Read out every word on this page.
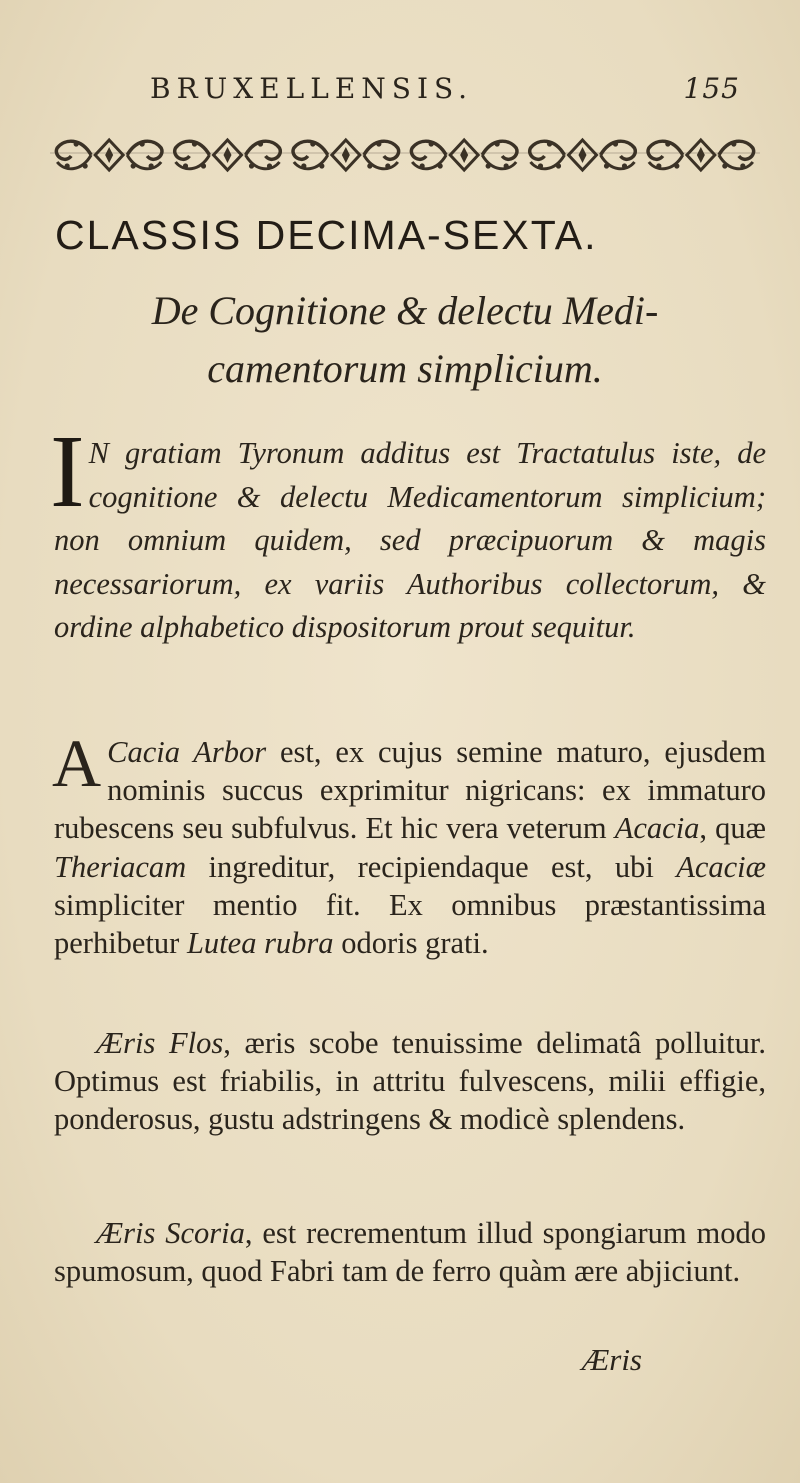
BRUXELLENSIS.	155
CLASSIS DECIMA-SEXTA.
De Cognitione & delectu Medi-
camentorum simplicium.
I N gratiam Tyronum additus est Tractatulus iste, de cognitione & delectu Medicamentorum simplicium; non omnium quidem, sed præcipuorum & magis necessariorum, ex variis Authoribus collectorum, & ordine alphabetico dispositorum prout sequitur.
A Cacia Arbor est, ex cujus semine maturo, ejusdem nominis succus exprimitur nigricans: ex immaturo rubescens seu subfulvus. Et hic vera veterum Acacia, quæ Theriacam ingreditur, recipiendaque est, ubi Acaciæ simpliciter mentio fit. Ex omnibus præstantissima perhibetur Lutea rubra odoris grati.
Æris Flos, æris scobe tenuissime delimatâ polluitur. Optimus est friabilis, in attritu fulvescens, milii effigie, ponderosus, gustu adstringens & modicè splendens.
Æris Scoria, est recrementum illud spongiarum modo spumosum, quod Fabri tam de ferro quàm ære abjiciunt.
Æris
